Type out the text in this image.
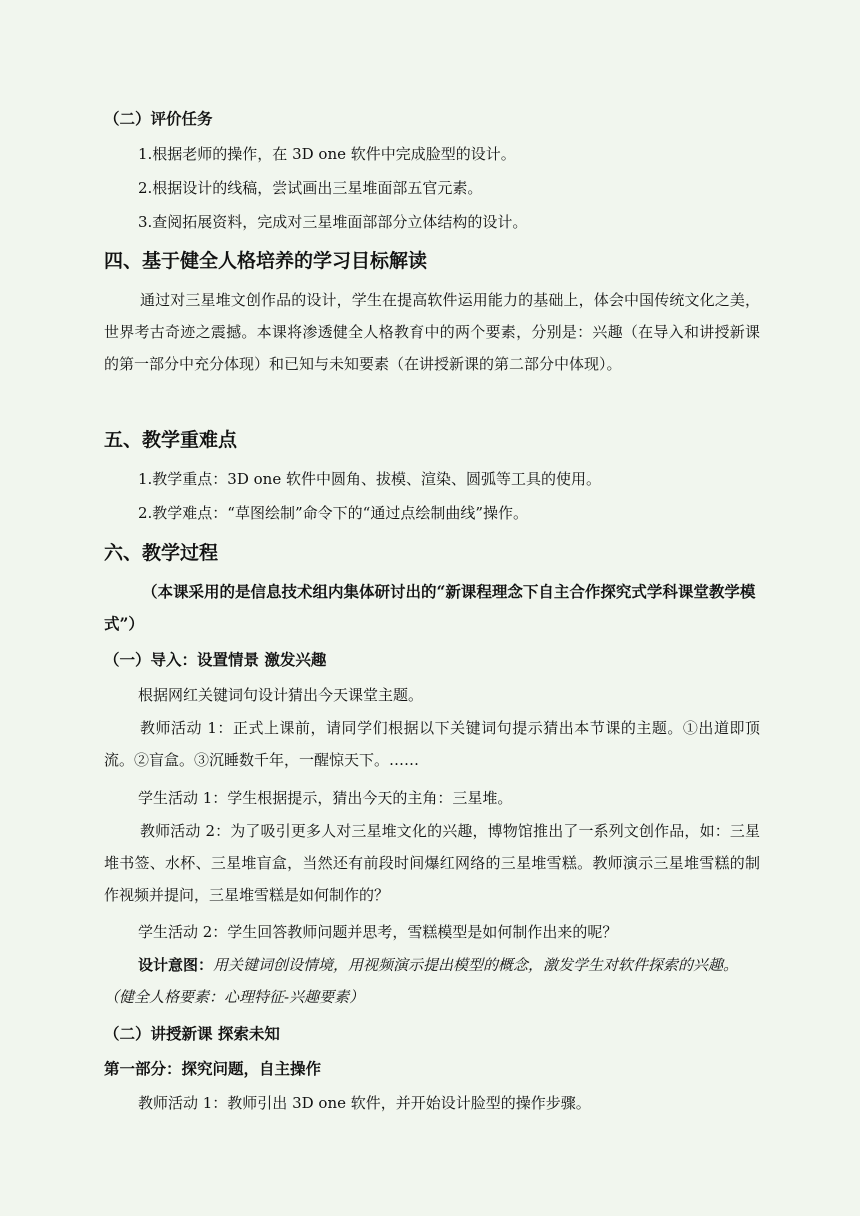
（二）评价任务
1.根据老师的操作，在 3D one 软件中完成脸型的设计。
2.根据设计的线稿，尝试画出三星堆面部五官元素。
3.查阅拓展资料，完成对三星堆面部部分立体结构的设计。
四、基于健全人格培养的学习目标解读
通过对三星堆文创作品的设计，学生在提高软件运用能力的基础上，体会中国传统文化之美，世界考古奇迹之震撼。本课将渗透健全人格教育中的两个要素，分别是：兴趣（在导入和讲授新课的第一部分中充分体现）和已知与未知要素（在讲授新课的第二部分中体现）。
五、教学重难点
1.教学重点：3D one 软件中圆角、拔模、渲染、圆弧等工具的使用。
2.教学难点：“草图绘制”命令下的“通过点绘制曲线”操作。
六、教学过程
（本课采用的是信息技术组内集体研讨出的“新课程理念下自主合作探究式学科课堂教学模式”）
（一）导入：设置情景 激发兴趣
根据网红关键词句设计猜出今天课堂主题。
教师活动 1：正式上课前，请同学们根据以下关键词句提示猜出本节课的主题。①出道即顶流。②盲盒。③沉睡数千年，一醒惊天下。……
学生活动 1：学生根据提示，猜出今天的主角：三星堆。
教师活动 2：为了吸引更多人对三星堆文化的兴趣，博物馆推出了一系列文创作品，如：三星堆书签、水杯、三星堆盲盒，当然还有前段时间爆红网络的三星堆雪糕。教师演示三星堆雪糕的制作视频并提问，三星堆雪糕是如何制作的？
学生活动 2：学生回答教师问题并思考，雪糕模型是如何制作出来的呢？
设计意图：用关键词创设情境，用视频演示提出模型的概念，激发学生对软件探索的兴趣。（健全人格要素：心理特征-兴趣要素）
（二）讲授新课 探索未知
第一部分：探究问题，自主操作
教师活动 1：教师引出 3D one 软件，并开始设计脸型的操作步骤。
